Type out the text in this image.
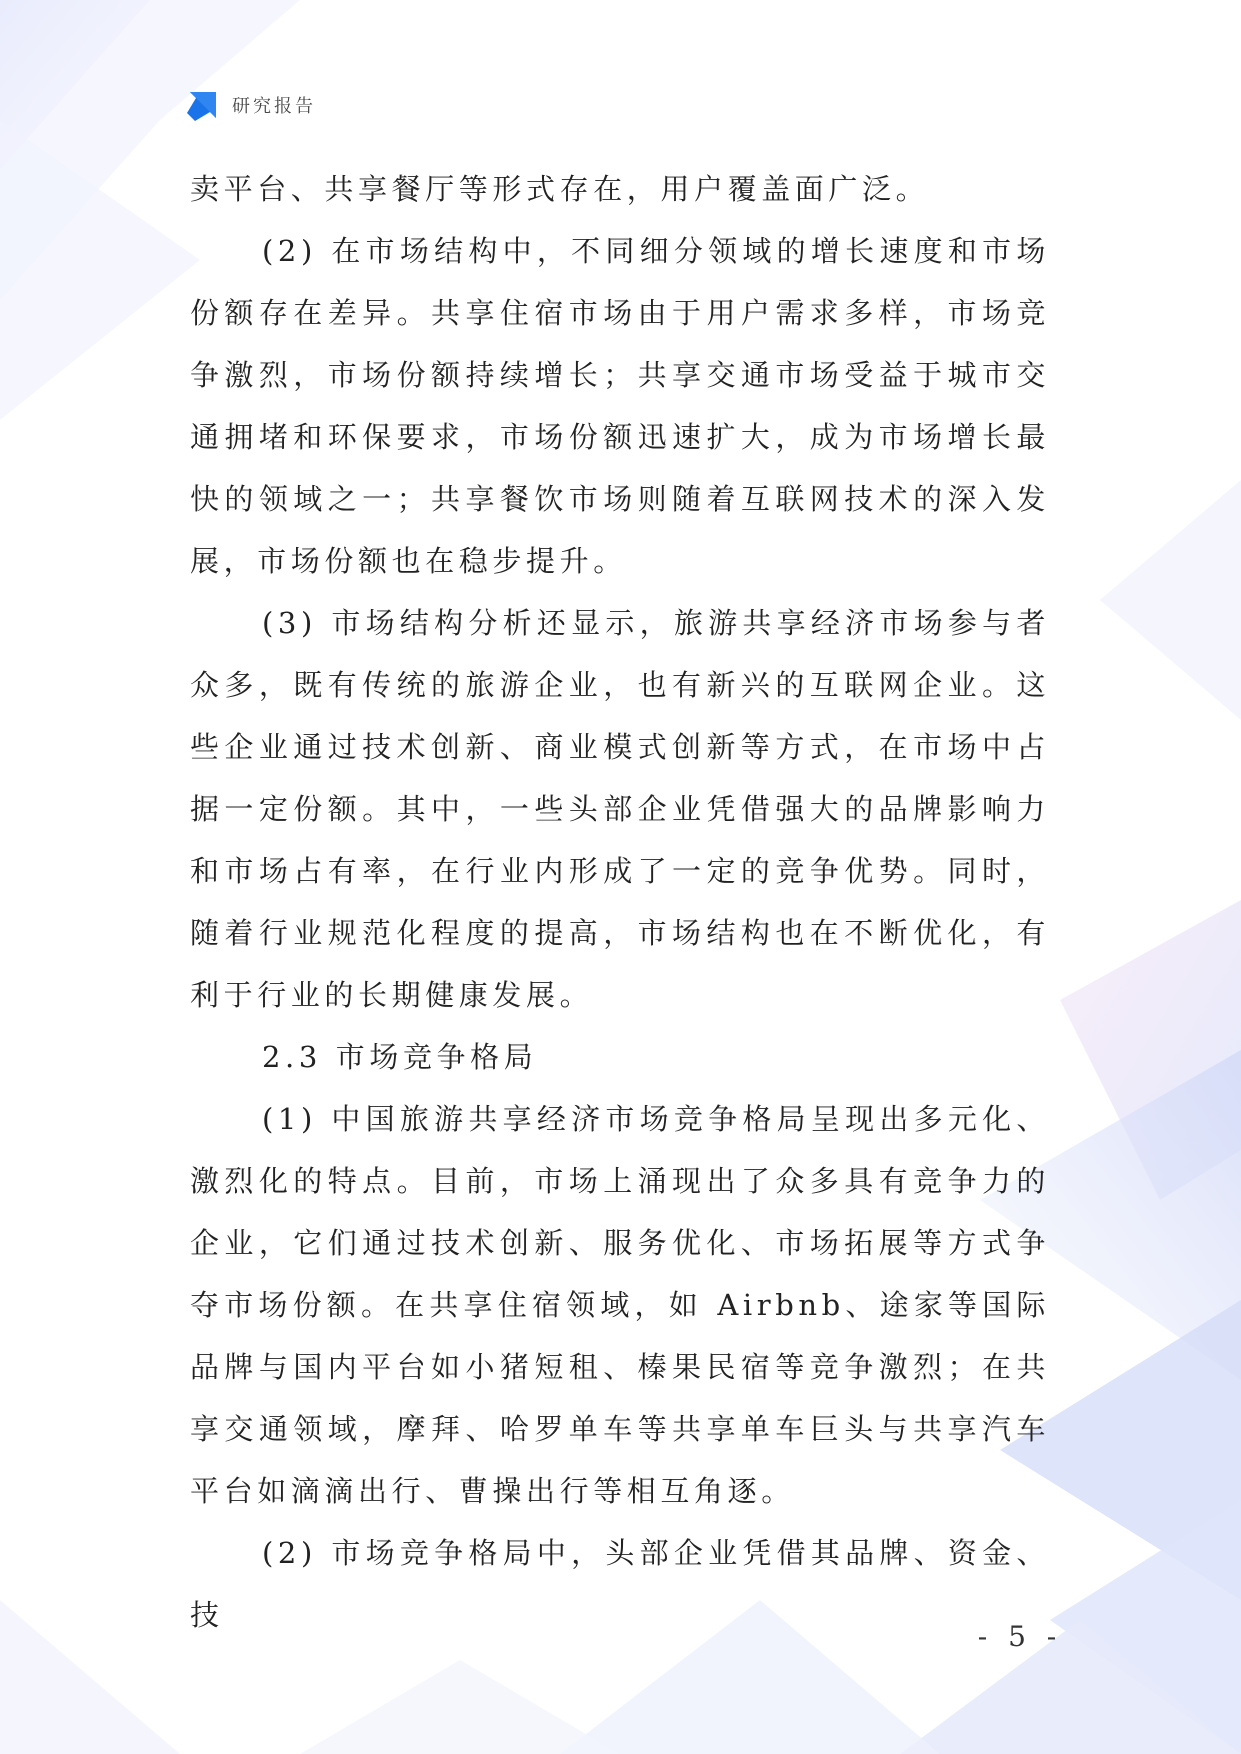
研究报告

卖平台、共享餐厅等形式存在，用户覆盖面广泛。

(2) 在市场结构中，不同细分领域的增长速度和市场份额存在差异。共享住宿市场由于用户需求多样，市场竞争激烈，市场份额持续增长；共享交通市场受益于城市交通拥堵和环保要求，市场份额迅速扩大，成为市场增长最快的领域之一；共享餐饮市场则随着互联网技术的深入发展，市场份额也在稳步提升。

(3) 市场结构分析还显示，旅游共享经济市场参与者众多，既有传统的旅游企业，也有新兴的互联网企业。这些企业通过技术创新、商业模式创新等方式，在市场中占据一定份额。其中，一些头部企业凭借强大的品牌影响力和市场占有率，在行业内形成了一定的竞争优势。同时，随着行业规范化程度的提高，市场结构也在不断优化，有利于行业的长期健康发展。

2.3 市场竞争格局

(1) 中国旅游共享经济市场竞争格局呈现出多元化、激烈化的特点。目前，市场上涌现出了众多具有竞争力的企业，它们通过技术创新、服务优化、市场拓展等方式争夺市场份额。在共享住宿领域，如 Airbnb、途家等国际品牌与国内平台如小猪短租、榛果民宿等竞争激烈；在共享交通领域，摩拜、哈罗单车等共享单车巨头与共享汽车平台如滴滴出行、曹操出行等相互角逐。

(2) 市场竞争格局中，头部企业凭借其品牌、资金、技

- 5 -
